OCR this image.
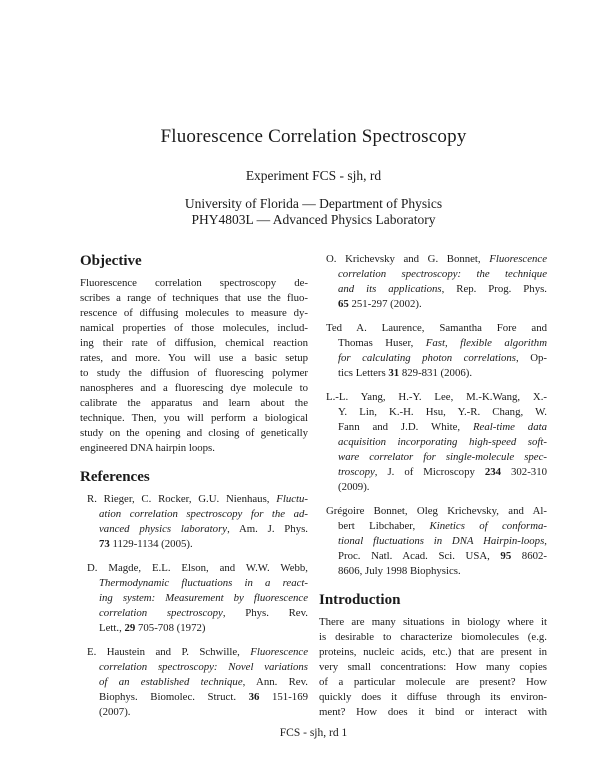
Fluorescence Correlation Spectroscopy
Experiment FCS - sjh, rd
University of Florida — Department of Physics
PHY4803L — Advanced Physics Laboratory
Objective
Fluorescence correlation spectroscopy de-
scribes a range of techniques that use the fluo-
rescence of diffusing molecules to measure dy-
namical properties of those molecules, includ-
ing their rate of diffusion, chemical reaction
rates, and more. You will use a basic setup
to study the diffusion of fluorescing polymer
nanospheres and a fluorescing dye molecule to
calibrate the apparatus and learn about the
technique. Then, you will perform a biological
study on the opening and closing of genetically
engineered DNA hairpin loops.
References
R. Rieger, C. Rocker, G.U. Nienhaus, Fluctu-
ation correlation spectroscopy for the ad-
vanced physics laboratory, Am. J. Phys.
73 1129-1134 (2005).
D. Magde, E.L. Elson, and W.W. Webb,
Thermodynamic fluctuations in a react-
ing system: Measurement by fluorescence
correlation spectroscopy, Phys. Rev.
Lett., 29 705-708 (1972)
E. Haustein and P. Schwille, Fluorescence
correlation spectroscopy: Novel variations
of an established technique, Ann. Rev.
Biophys. Biomolec. Struct. 36 151-169
(2007).
O. Krichevsky and G. Bonnet, Fluorescence
correlation spectroscopy: the technique
and its applications, Rep. Prog. Phys.
65 251-297 (2002).
Ted A. Laurence, Samantha Fore and
Thomas Huser, Fast, flexible algorithm
for calculating photon correlations, Op-
tics Letters 31 829-831 (2006).
L.-L. Yang, H.-Y. Lee, M.-K.Wang, X.-
Y. Lin, K.-H. Hsu, Y.-R. Chang, W.
Fann and J.D. White, Real-time data
acquisition incorporating high-speed soft-
ware correlator for single-molecule spec-
troscopy, J. of Microscopy 234 302-310
(2009).
Grégoire Bonnet, Oleg Krichevsky, and Al-
bert Libchaber, Kinetics of conforma-
tional fluctuations in DNA Hairpin-loops,
Proc. Natl. Acad. Sci. USA, 95 8602-
8606, July 1998 Biophysics.
Introduction
There are many situations in biology where it
is desirable to characterize biomolecules (e.g.
proteins, nucleic acids, etc.) that are present in
very small concentrations: How many copies
of a particular molecule are present? How
quickly does it diffuse through its environ-
ment? How does it bind or interact with
FCS - sjh, rd 1
